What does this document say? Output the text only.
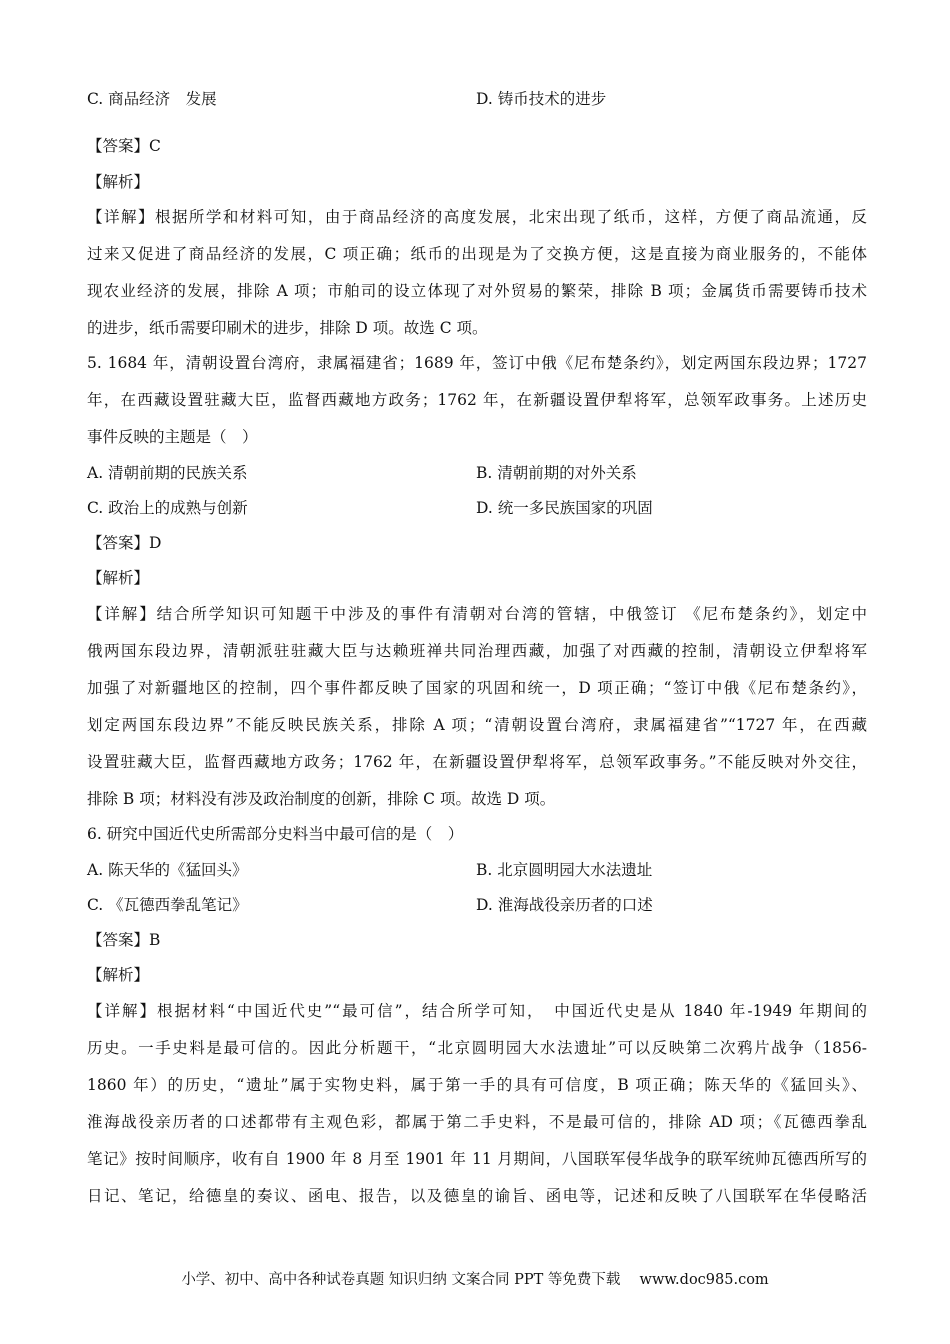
C. 商品经济　发展	D. 铸币技术的进步
【答案】C
【解析】
【详解】根据所学和材料可知，由于商品经济的高度发展，北宋出现了纸币，这样，方便了商品流通，反
过来又促进了商品经济的发展，C 项正确；纸币的出现是为了交换方便，这是直接为商业服务的，不能体
现农业经济的发展，排除 A 项；市舶司的设立体现了对外贸易的繁荣，排除 B 项；金属货币需要铸币技术
的进步，纸币需要印刷术的进步，排除 D 项。故选 C 项。
5. 1684 年，清朝设置台湾府，隶属福建省；1689 年，签订中俄《尼布楚条约》，划定两国东段边界；1727
年，在西藏设置驻藏大臣，监督西藏地方政务；1762 年，在新疆设置伊犁将军，总领军政事务。上述历史
事件反映的主题是（　）
A. 清朝前期的民族关系	B. 清朝前期的对外关系
C. 政治上的成熟与创新	D. 统一多民族国家的巩固
【答案】D
【解析】
【详解】结合所学知识可知题干中涉及的事件有清朝对台湾的管辖，中俄签订 《尼布楚条约》，划定中
俄两国东段边界，清朝派驻驻藏大臣与达赖班禅共同治理西藏，加强了对西藏的控制，清朝设立伊犁将军
加强了对新疆地区的控制，四个事件都反映了国家的巩固和统一，D 项正确；“签订中俄《尼布楚条约》，
划定两国东段边界”不能反映民族关系，排除 A 项；“清朝设置台湾府，隶属福建省”“1727 年，在西藏
设置驻藏大臣，监督西藏地方政务；1762 年，在新疆设置伊犁将军，总领军政事务。”不能反映对外交往，
排除 B 项；材料没有涉及政治制度的创新，排除 C 项。故选 D 项。
6. 研究中国近代史所需部分史料当中最可信的是（　）
A. 陈天华的《猛回头》	B. 北京圆明园大水法遗址
C. 《瓦德西拳乱笔记》	D. 淮海战役亲历者的口述
【答案】B
【解析】
【详解】根据材料“中国近代史”“最可信”，结合所学可知，　中国近代史是从 1840 年-1949 年期间的
历史。一手史料是最可信的。因此分析题干，“北京圆明园大水法遗址”可以反映第二次鸦片战争（1856-
1860 年）的历史，“遗址”属于实物史料，属于第一手的具有可信度，B 项正确；陈天华的《猛回头》、
淮海战役亲历者的口述都带有主观色彩，都属于第二手史料，不是最可信的，排除 AD 项；《瓦德西拳乱
笔记》按时间顺序，收有自 1900 年 8 月至 1901 年 11 月期间，八国联军侵华战争的联军统帅瓦德西所写的
日记、笔记，给德皇的奏议、函电、报告，以及德皇的谕旨、函电等，记述和反映了八国联军在华侵略活
小学、初中、高中各种试卷真题 知识归纳 文案合同 PPT 等免费下载　 www.doc985.com
